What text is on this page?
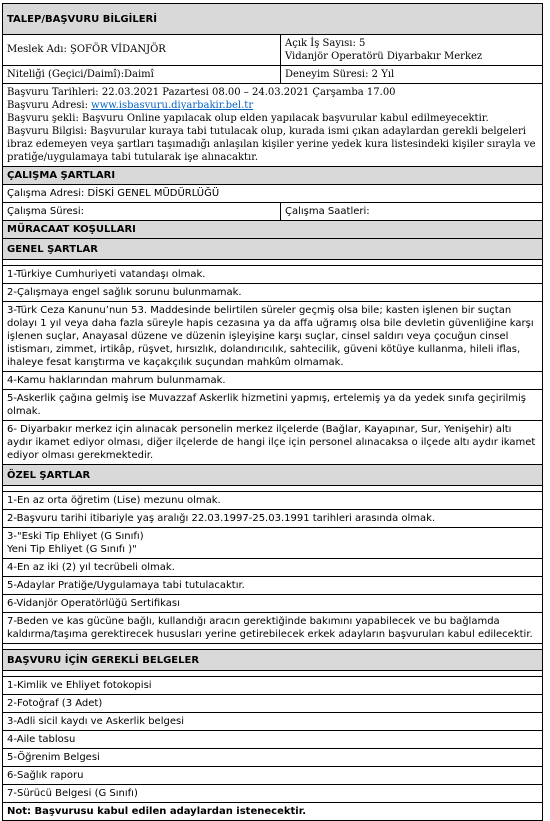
TALEP/BAŞVURU BİLGİLERİ
Meslek Adı: ŞOFÖR VİDANJÖR

Açık İş Sayısı: 5

Vidanjör Operatörü Diyarbakır Merkez

Niteliği (Geçici/Daimî):Daimî	Deneyim Süresi: 2 Yıl

Başvuru Tarihleri: 22.03.2021 Pazartesi 08.00 – 24.03.2021 Çarşamba 17.00

Başvuru Adresi: www.isbasvuru.diyarbakir.bel.tr

Başvuru şekli: Başvuru Online yapılacak olup elden yapılacak başvurular kabul edilmeyecektir.

Başvuru Bilgisi: Başvurular kuraya tabi tutulacak olup, kurada ismi çıkan adaylardan gerekli belgeleri ibraz edemeyen veya şartları taşımadığı anlaşılan kişiler yerine yedek kura listesindeki kişiler sırayla ve pratiğe/uygulamaya tabi tutularak işe alınacaktır.

ÇALIŞMA ŞARTLARI
Çalışma Adresi: DİSKİ GENEL MÜDÜRLÜĞÜ
Çalışma Süresi:	Çalışma Saatleri:
MÜRACAAT KOŞULLARI
GENEL ŞARTLAR
1-Türkiye Cumhuriyeti vatandaşı olmak.
2-Çalışmaya engel sağlık sorunu bulunmamak.
3-Türk Ceza Kanunu’nun 53. Maddesinde belirtilen süreler geçmiş olsa bile; kasten işlenen bir suçtan dolayı 1 yıl veya daha fazla süreyle hapis cezasına ya da affa uğramış olsa bile devletin güvenliğine karşı işlenen suçlar, Anayasal düzene ve düzenin işleyişine karşı suçlar, cinsel saldırı veya çocuğun cinsel istismarı, zimmet, irtikâp, rüşvet, hırsızlık, dolandırıcılık, sahtecilik, güveni kötüye kullanma, hileli iflas, ihaleye fesat karıştırma ve kaçakçılık suçundan mahkûm olmamak.
4-Kamu haklarından mahrum bulunmamak.
5-Askerlik çağına gelmiş ise Muvazzaf Askerlik hizmetini yapmış, ertelemiş ya da yedek sınıfa geçirilmiş olmak.
6- Diyarbakır merkez için alınacak personelin merkez ilçelerde (Bağlar, Kayapınar, Sur, Yenişehir) altı aydır ikamet ediyor olması, diğer ilçelerde de hangi ilçe için personel alınacaksa o ilçede altı aydır ikamet ediyor olması gerekmektedir.
ÖZEL ŞARTLAR
1-En az orta öğretim (Lise) mezunu olmak.
2-Başvuru tarihi itibariyle yaş aralığı 22.03.1997-25.03.1991 tarihleri arasında olmak.

3-"Eski Tip Ehliyet (G Sınıfı)

Yeni Tip Ehliyet (G Sınıfı )"

4-En az iki (2) yıl tecrübeli olmak.
5-Adaylar Pratiğe/Uygulamaya tabi tutulacaktır.
6-Vidanjör Operatörlüğü Sertifikası
7-Beden ve kas gücüne bağlı, kullandığı aracın gerektiğinde bakımını yapabilecek ve bu bağlamda kaldırma/taşıma gerektirecek hususları yerine getirebilecek erkek adayların başvuruları kabul edilecektir.
BAŞVURU İÇİN GEREKLİ BELGELER
1-Kimlik ve Ehliyet fotokopisi
2-Fotoğraf (3 Adet)
3-Adli sicil kaydı ve Askerlik belgesi
4-Aile tablosu
5-Öğrenim Belgesi
6-Sağlık raporu
7-Sürücü Belgesi (G Sınıfı)
Not: Başvurusu kabul edilen adaylardan istenecektir.
